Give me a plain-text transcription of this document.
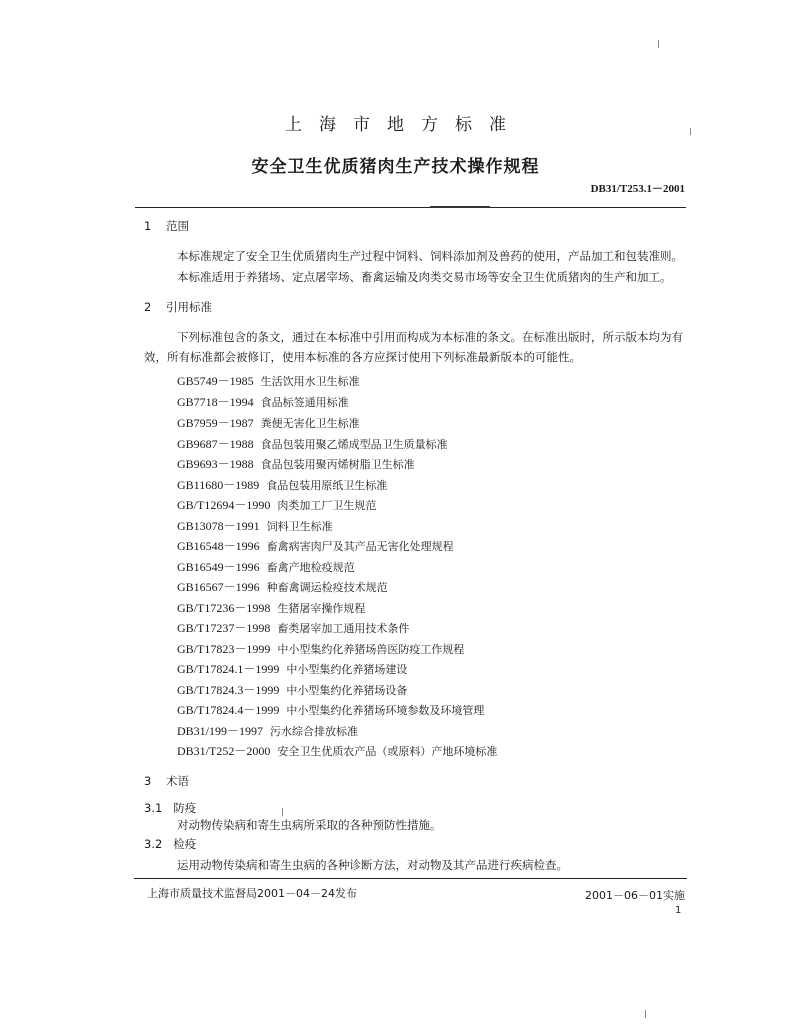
上海市地方标准
安全卫生优质猪肉生产技术操作规程
DB31/T253.1－2001
1 范围
本标准规定了安全卫生优质猪肉生产过程中饲料、饲料添加剂及兽药的使用，产品加工和包装准则。
本标准适用于养猪场、定点屠宰场、畜禽运输及肉类交易市场等安全卫生优质猪肉的生产和加工。
2 引用标准
下列标准包含的条文，通过在本标准中引用而构成为本标准的条文。在标准出版时，所示版本均为有
效，所有标准都会被修订，使用本标准的各方应探讨使用下列标准最新版本的可能性。
GB5749－1985 生活饮用水卫生标准
GB7718－1994 食品标签通用标准
GB7959－1987 粪便无害化卫生标准
GB9687－1988 食品包装用聚乙烯成型品卫生质量标准
GB9693－1988 食品包装用聚丙烯树脂卫生标准
GB11680－1989 食品包装用原纸卫生标准
GB/T12694－1990 肉类加工厂卫生规范
GB13078－1991 饲料卫生标准
GB16548－1996 畜禽病害肉尸及其产品无害化处理规程
GB16549－1996 畜禽产地检疫规范
GB16567－1996 种畜禽调运检疫技术规范
GB/T17236－1998 生猪屠宰操作规程
GB/T17237－1998 畜类屠宰加工通用技术条件
GB/T17823－1999 中小型集约化养猪场兽医防疫工作规程
GB/T17824.1－1999 中小型集约化养猪场建设
GB/T17824.3－1999 中小型集约化养猪场设备
GB/T17824.4－1999 中小型集约化养猪场环境参数及环境管理
DB31/199－1997 污水综合排放标准
DB31/T252－2000 安全卫生优质农产品（或原料）产地环境标准
3 术语
3.1 防疫
对动物传染病和寄生虫病所采取的各种预防性措施。
3.2 检疫
运用动物传染病和寄生虫病的各种诊断方法，对动物及其产品进行疾病检查。
上海市质量技术监督局2001－04－24发布	2001－06－01实施
1
